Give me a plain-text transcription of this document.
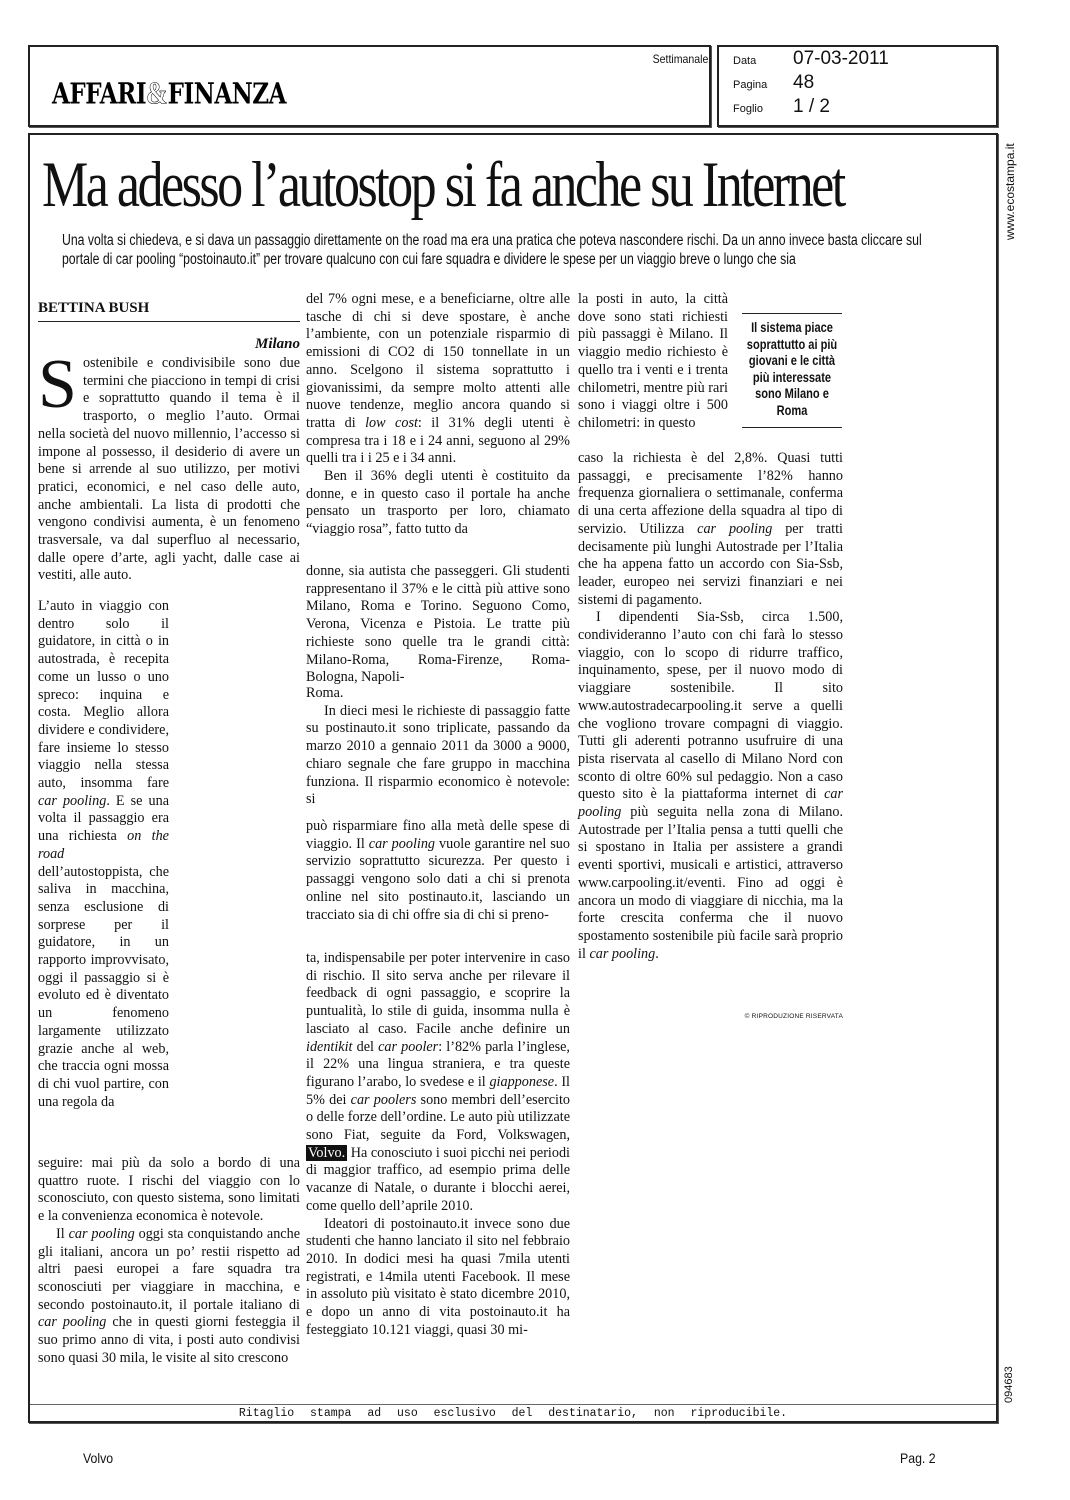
AFFARI&FINANZA
Settimanale Data 07-03-2011
Pagina 48
Foglio 1 / 2
www.ecostampa.it
094683
Ma adesso l’autostop si fa anche su Internet
Una volta si chiedeva, e si dava un passaggio direttamente on the road ma era una pratica che poteva nascondere rischi. Da un anno invece basta cliccare sul portale di car pooling “postoinauto.it” per trovare qualcuno con cui fare squadra e dividere le spese per un viaggio breve o lungo che sia
BETTINA BUSH
Milano

Sostenibile e condivisibile sono due termini che piacciono in tempi di crisi e soprattutto quando il tema è il trasporto, o meglio l’auto. Ormai nella società del nuovo millennio, l’accesso si impone al possesso, il desiderio di avere un bene si arrende al suo utilizzo, per motivi pratici, economici, e nel caso delle auto, anche ambientali. La lista di prodotti che vengono condivisi aumenta, è un fenomeno trasversale, va dal superfluo al necessario, dalle opere d’arte, agli yacht, dalle case ai vestiti, alle auto.

L’auto in viaggio con dentro solo il guidatore, in città o in autostrada, è recepita come un lusso o uno spreco: inquina e costa. Meglio allora dividere e condividere, fare insieme lo stesso viaggio nella stessa auto, insomma fare car pooling. E se una volta il passaggio era una richiesta on the road dell’autostoppista, che saliva in macchina, senza esclusione di sorprese per il guidatore, in un rapporto improvvisato, oggi il passaggio si è evoluto ed è diventato un fenomeno largamente utilizzato grazie anche al web, che traccia ogni mossa di chi vuol partire, con una regola da

seguire: mai più da solo a bordo di una quattro ruote. I rischi del viaggio con lo sconosciuto, con questo sistema, sono limitati e la convenienza economica è notevole.

Il car pooling oggi sta conquistando anche gli italiani, ancora un po’ restii rispetto ad altri paesi europei a fare squadra tra sconosciuti per viaggiare in macchina, e secondo postoinauto.it, il portale italiano di car pooling che in questi giorni festeggia il suo primo anno di vita, i posti auto condivisi sono quasi 30 mila, le visite al sito crescono

del 7% ogni mese, e a beneficiarne, oltre alle tasche di chi si deve spostare, è anche l’ambiente, con un potenziale risparmio di emissioni di CO2 di 150 tonnellate in un anno. Scelgono il sistema soprattutto i giovanissimi, da sempre molto attenti alle nuove tendenze, meglio ancora quando si tratta di low cost: il 31% degli utenti è compresa tra i 18 e i 24 anni, seguono al 29% quelli tra i i 25 e i 34 anni.

Ben il 36% degli utenti è costituito da donne, e in questo caso il portale ha anche pensato un trasporto per loro, chiamato “viaggio rosa”, fatto tutto da

donne, sia autista che passeggeri. Gli studenti rappresentano il 37% e le città più attive sono Milano, Roma e Torino. Seguono Como, Verona, Vicenza e Pistoia. Le tratte più richieste sono quelle tra le grandi città: Milano-Roma, Roma-Firenze, Roma-Bologna, Napoli-

Roma.

In dieci mesi le richieste di passaggio fatte su postinauto.it sono triplicate, passando da marzo 2010 a gennaio 2011 da 3000 a 9000, chiaro segnale che fare gruppo in macchina funziona. Il risparmio economico è notevole: si

può risparmiare fino alla metà delle spese di viaggio. Il car pooling vuole garantire nel suo servizio soprattutto sicurezza. Per questo i passaggi vengono solo dati a chi si prenota online nel sito postinauto.it, lasciando un tracciato sia di chi offre sia di chi si preno-

ta, indispensabile per poter intervenire in caso di rischio. Il sito serva anche per rilevare il feedback di ogni passaggio, e scoprire la puntualità, lo stile di guida, insomma nulla è lasciato al caso. Facile anche definire un identikit del car pooler: l’82% parla l’inglese, il 22% una lingua straniera, e tra queste figurano l’arabo, lo svedese e il giapponese. Il 5% dei car poolers sono membri dell’esercito o delle forze dell’ordine. Le auto più utilizzate sono Fiat, seguite da Ford, Volkswagen, Volvo. Ha conosciuto i suoi picchi nei periodi di maggior traffico, ad esempio prima delle vacanze di Natale, o durante i blocchi aerei, come quello dell’aprile 2010.

Ideatori di postoinauto.it invece sono due studenti che hanno lanciato il sito nel febbraio 2010. In dodici mesi ha quasi 7mila utenti registrati, e 14mila utenti Facebook. Il mese in assoluto più visitato è stato dicembre 2010, e dopo un anno di vita postoinauto.it ha festeggiato 10.121 viaggi, quasi 30 mi-

la posti in auto, la città dove sono stati richiesti più passaggi è Milano. Il viaggio medio richiesto è quello tra i venti e i trenta chilometri, mentre più rari sono i viaggi oltre i 500 chilometri: in questo

Il sistema piace soprattutto ai più giovani e le città più interessate sono Milano e Roma

caso la richiesta è del 2,8%. Quasi tutti passaggi, e precisamente l’82% hanno frequenza giornaliera o settimanale, conferma di una certa affezione della squadra al tipo di servizio. Utilizza car pooling per tratti decisamente più lunghi Autostrade per l’Italia che ha appena fatto un accordo con Sia-Ssb, leader, europeo nei servizi finanziari e nei sistemi di pagamento.

I dipendenti Sia-Ssb, circa 1.500, condivideranno l’auto con chi farà lo stesso viaggio, con lo scopo di ridurre traffico, inquinamento, spese, per il nuovo modo di viaggiare sostenibile. Il sito www.autostradecarpooling.it serve a quelli che vogliono trovare compagni di viaggio. Tutti gli aderenti potranno usufruire di una pista riservata al casello di Milano Nord con sconto di oltre 60% sul pedaggio. Non a caso questo sito è la piattaforma internet di car pooling più seguita nella zona di Milano. Autostrade per l’Italia pensa a tutti quelli che si spostano in Italia per assistere a grandi eventi sportivi, musicali e artistici, attraverso www.carpooling.it/eventi. Fino ad oggi è ancora un modo di viaggiare di nicchia, ma la forte crescita conferma che il nuovo spostamento sostenibile più facile sarà proprio il car pooling.

© RIPRODUZIONE RISERVATA
Ritaglio stampa ad uso esclusivo del destinatario, non riproducibile.
Volvo	Pag. 2
